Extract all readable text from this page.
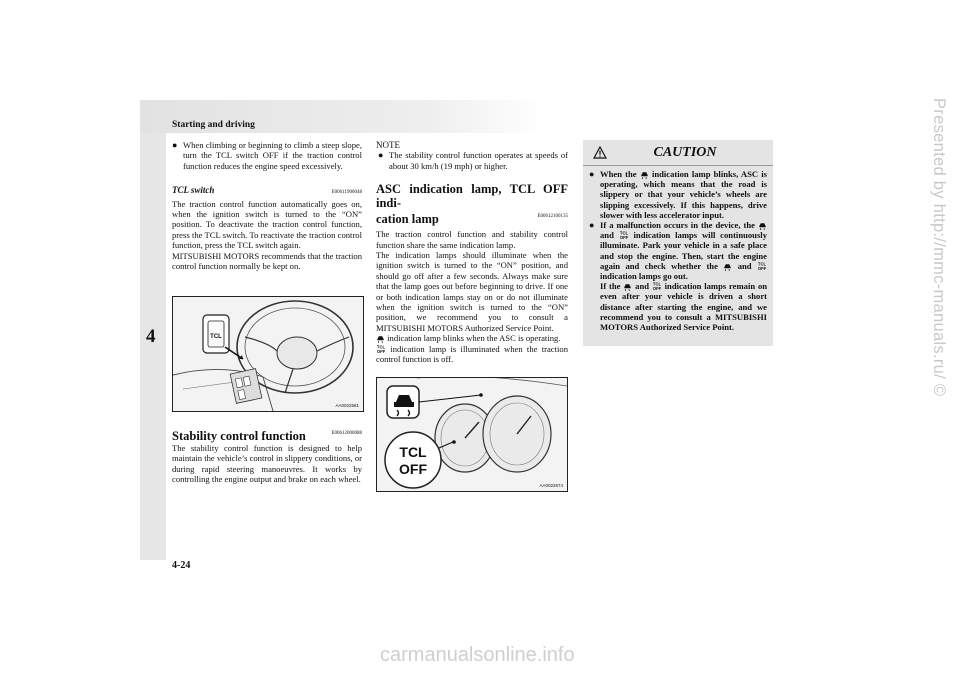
Starting and driving
4	Presented by http://mmc-manuals.ru/ ©
carmanualsonline.info
4-24
● When climbing or beginning to climb a steep slope, turn the TCL switch OFF if the traction control function reduces the engine speed excessively.
TCL switch	E00611900048

The traction control function automatically goes on, when the ignition switch is turned to the “ON” position. To deactivate the traction control function, press the TCL switch. To reactivate the traction control function, press the TCL switch again.

MITSUBISHI MOTORS recommends that the traction control function normally be kept on.

TCL
AA0022581
Stability control function	E00612000088

The stability control function is designed to help maintain the vehicle’s control in slippery conditions, or during rapid steering manoeuvres. It works by controlling the engine output and brake on each wheel.

NOTE
● The stability control function operates at speeds of about 30 km/h (19 mph) or higher.
ASC indication lamp, TCL OFF indi-
cation lamp	E00612100135

The traction control function and stability control function share the same indication lamp.

The indication lamps should illuminate when the ignition switch is turned to the “ON” position, and should go off after a few seconds. Always make sure that the lamp goes out before beginning to drive. If one or both indication lamps stay on or do not illuminate when the ignition switch is turned to the “ON” position, we recommend you to consult a MITSUBISHI MOTORS Authorized Service Point.

indication lamp blinks when the ASC is operating.

TCL
OFF indication lamp is illuminated when the traction control function is off.

TCL
OFF
AA0022574
CAUTION
● When the indication lamp blinks, ASC is operating, which means that the road is slippery or that your vehicle’s wheels are slipping excessively. If this happens, drive slower with less accelerator input.

● If a malfunction occurs in the device, the  and TCL
OFF indication lamps will continuously illuminate. Park your vehicle in a safe place and stop the engine. Then, start the engine again and check whether the and TCL
OFF
indication lamps go out.
If the and TCL
OFF indication lamps remain on even after your vehicle is driven a short distance after starting the engine, and we recommend you to consult a MITSUBISHI MOTORS Authorized Service Point.
